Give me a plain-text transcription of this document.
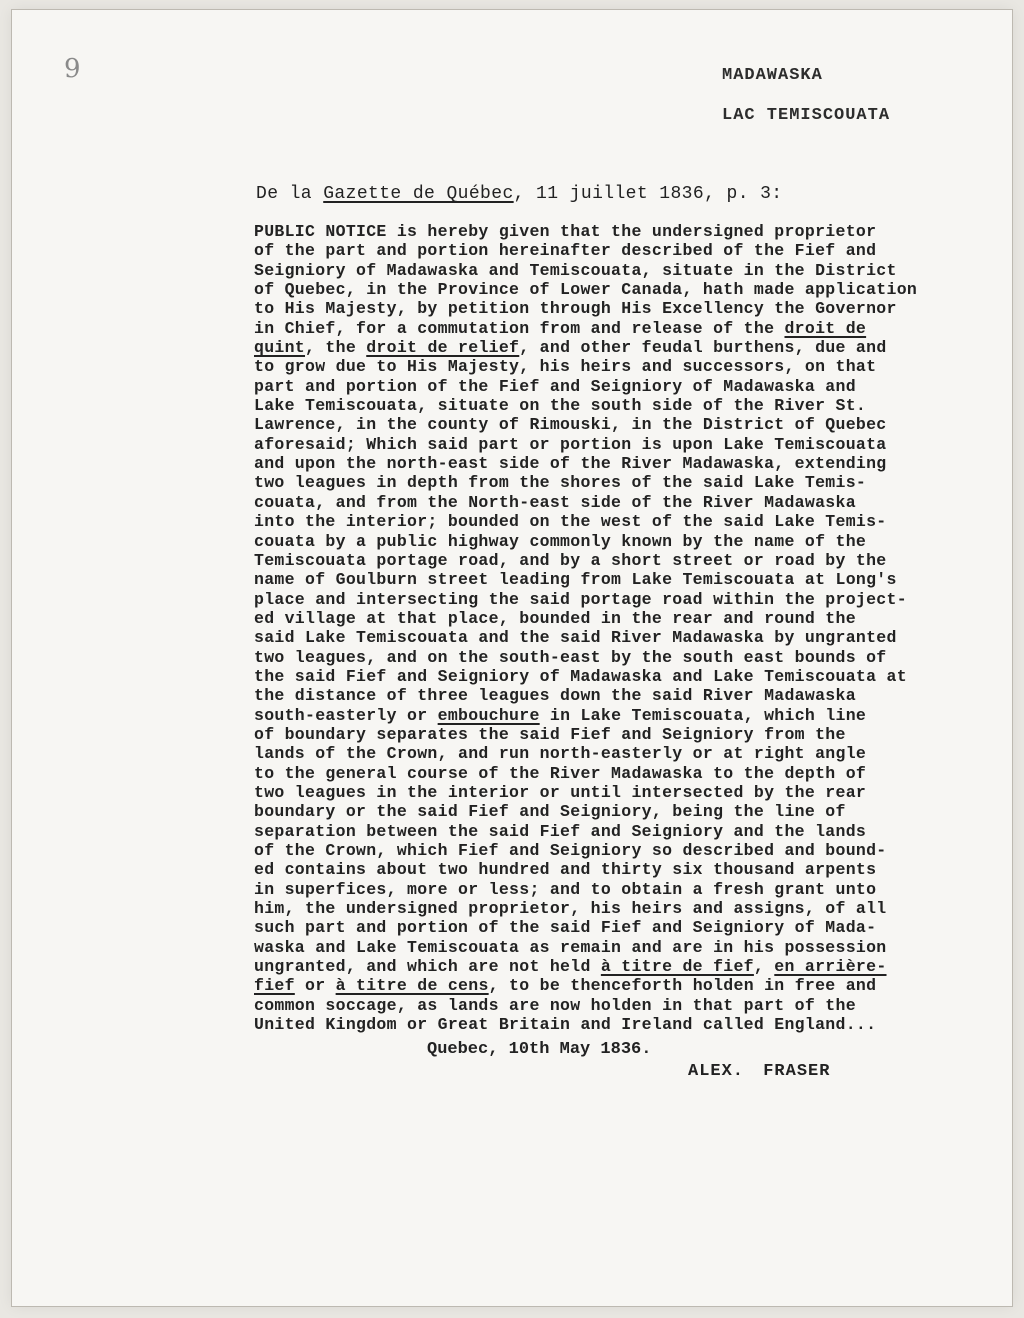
9	MADAWASKA
LAC TEMISCOUATA
De la Gazette de Québec, 11 juillet 1836, p. 3:
PUBLIC NOTICE is hereby given that the undersigned proprietor
of the part and portion hereinafter described of the Fief and
Seigniory of Madawaska and Temiscouata, situate in the District
of Quebec, in the Province of Lower Canada, hath made application
to His Majesty, by petition through His Excellency the Governor
in Chief, for a commutation from and release of the droit de
quint, the droit de relief, and other feudal burthens, due and
to grow due to His Majesty, his heirs and successors, on that
part and portion of the Fief and Seigniory of Madawaska and
Lake Temiscouata, situate on the south side of the River St.
Lawrence, in the county of Rimouski, in the District of Quebec
aforesaid; Which said part or portion is upon Lake Temiscouata
and upon the north-east side of the River Madawaska, extending
two leagues in depth from the shores of the said Lake Temis-
couata, and from the North-east side of the River Madawaska
into the interior; bounded on the west of the said Lake Temis-
couata by a public highway commonly known by the name of the
Temiscouata portage road, and by a short street or road by the
name of Goulburn street leading from Lake Temiscouata at Long's
place and intersecting the said portage road within the project-
ed village at that place, bounded in the rear and round the
said Lake Temiscouata and the said River Madawaska by ungranted
two leagues, and on the south-east by the south east bounds of
the said Fief and Seigniory of Madawaska and Lake Temiscouata at
the distance of three leagues down the said River Madawaska
south-easterly or embouchure in Lake Temiscouata, which line
of boundary separates the said Fief and Seigniory from the
lands of the Crown, and run north-easterly or at right angle
to the general course of the River Madawaska to the depth of
two leagues in the interior or until intersected by the rear
boundary or the said Fief and Seigniory, being the line of
separation between the said Fief and Seigniory and the lands
of the Crown, which Fief and Seigniory so described and bound-
ed contains about two hundred and thirty six thousand arpents
in superfices, more or less; and to obtain a fresh grant unto
him, the undersigned proprietor, his heirs and assigns, of all
such part and portion of the said Fief and Seigniory of Mada-
waska and Lake Temiscouata as remain and are in his possession
ungranted, and which are not held à titre de fief, en arrière-
fief or à titre de cens, to be thenceforth holden in free and
common soccage, as lands are now holden in that part of the
United Kingdom or Great Britain and Ireland called England...
Quebec, 10th May 1836.
ALEX. FRASER
